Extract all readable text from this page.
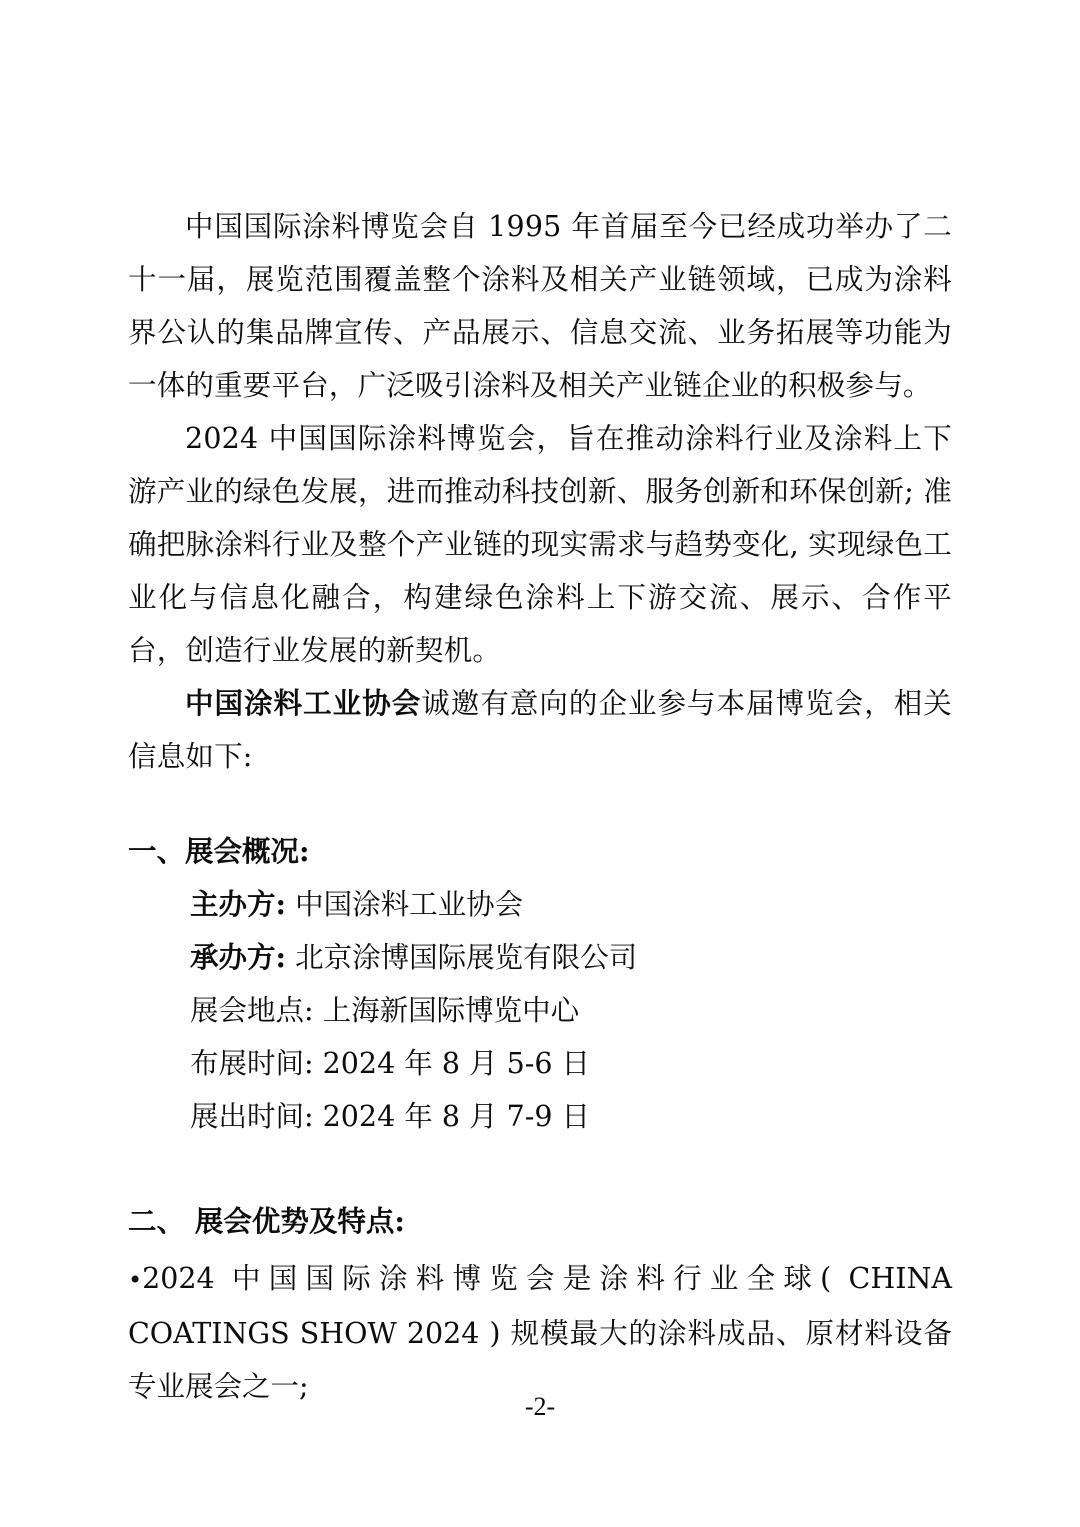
中国国际涂料博览会自 1995 年首届至今已经成功举办了二十一届，展览范围覆盖整个涂料及相关产业链领域，已成为涂料界公认的集品牌宣传、产品展示、信息交流、业务拓展等功能为一体的重要平台，广泛吸引涂料及相关产业链企业的积极参与。

2024 中国国际涂料博览会，旨在推动涂料行业及涂料上下游产业的绿色发展，进而推动科技创新、服务创新和环保创新; 准确把脉涂料行业及整个产业链的现实需求与趋势变化, 实现绿色工业化与信息化融合，构建绿色涂料上下游交流、展示、合作平台，创造行业发展的新契机。

中国涂料工业协会诚邀有意向的企业参与本届博览会，相关信息如下:

一、展会概况:
主办方: 中国涂料工业协会
承办方: 北京涂博国际展览有限公司
展会地点: 上海新国际博览中心
布展时间: 2024 年 8 月 5-6 日
展出时间: 2024 年 8 月 7-9 日
二、 展会优势及特点:
•2024 中国国际涂料博览会是涂料行业全球( CHINA COATINGS SHOW 2024 ) 规模最大的涂料成品、原材料设备专业展会之一;
-2-
